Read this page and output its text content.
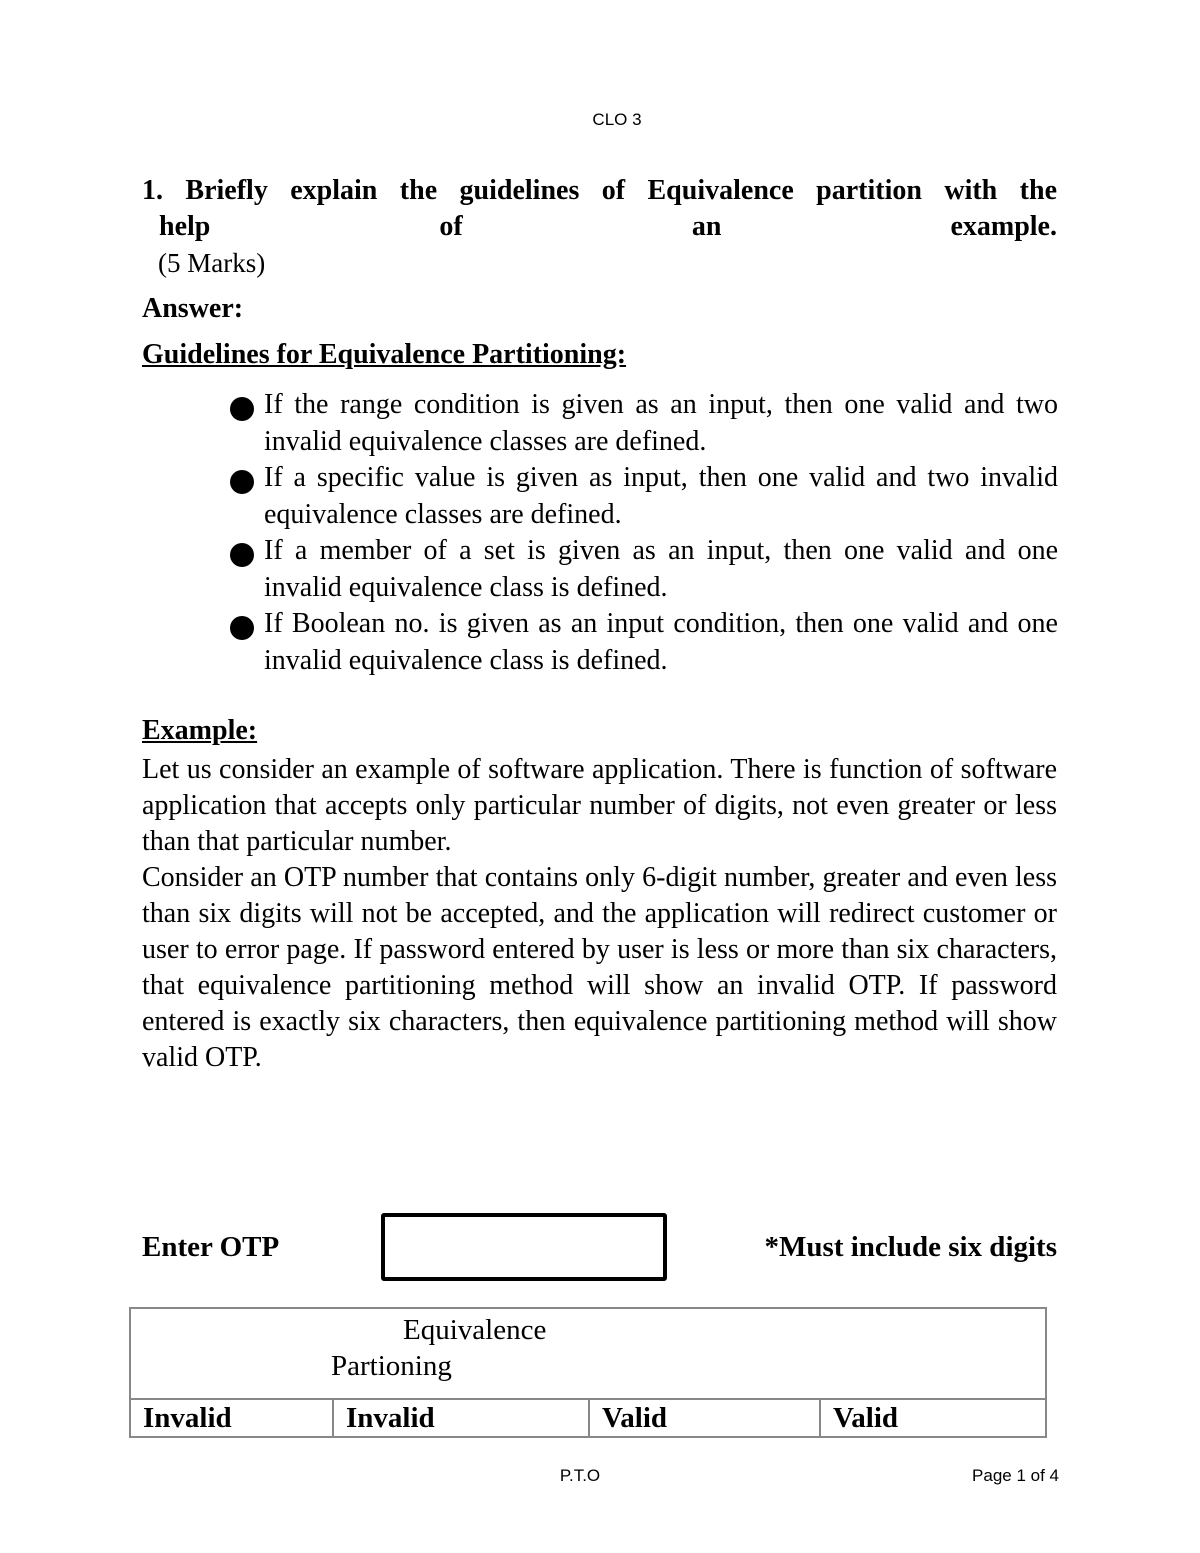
CLO 3
1. Briefly explain the guidelines of Equivalence partition with the
help	of	an	example.
(5 Marks)
Answer:
Guidelines for Equivalence Partitioning:
If the range condition is given as an input, then one valid and two invalid equivalence classes are defined.
If a specific value is given as input, then one valid and two invalid equivalence classes are defined.
If a member of a set is given as an input, then one valid and one invalid equivalence class is defined.
If Boolean no. is given as an input condition, then one valid and one invalid equivalence class is defined.
Example:

Let us consider an example of software application. There is function of software application that accepts only particular number of digits, not even greater or less than that particular number.

Consider an OTP number that contains only 6-digit number, greater and even less than six digits will not be accepted, and the application will redirect customer or user to error page. If password entered by user is less or more than six characters, that equivalence partitioning method will show an invalid OTP. If password entered is exactly six characters, then equivalence partitioning method will show valid OTP.

Enter OTP	*Must include six digits
Equivalence
Partioning

Invalid	Invalid	Valid	Valid
P.T.O	Page 1 of 4
